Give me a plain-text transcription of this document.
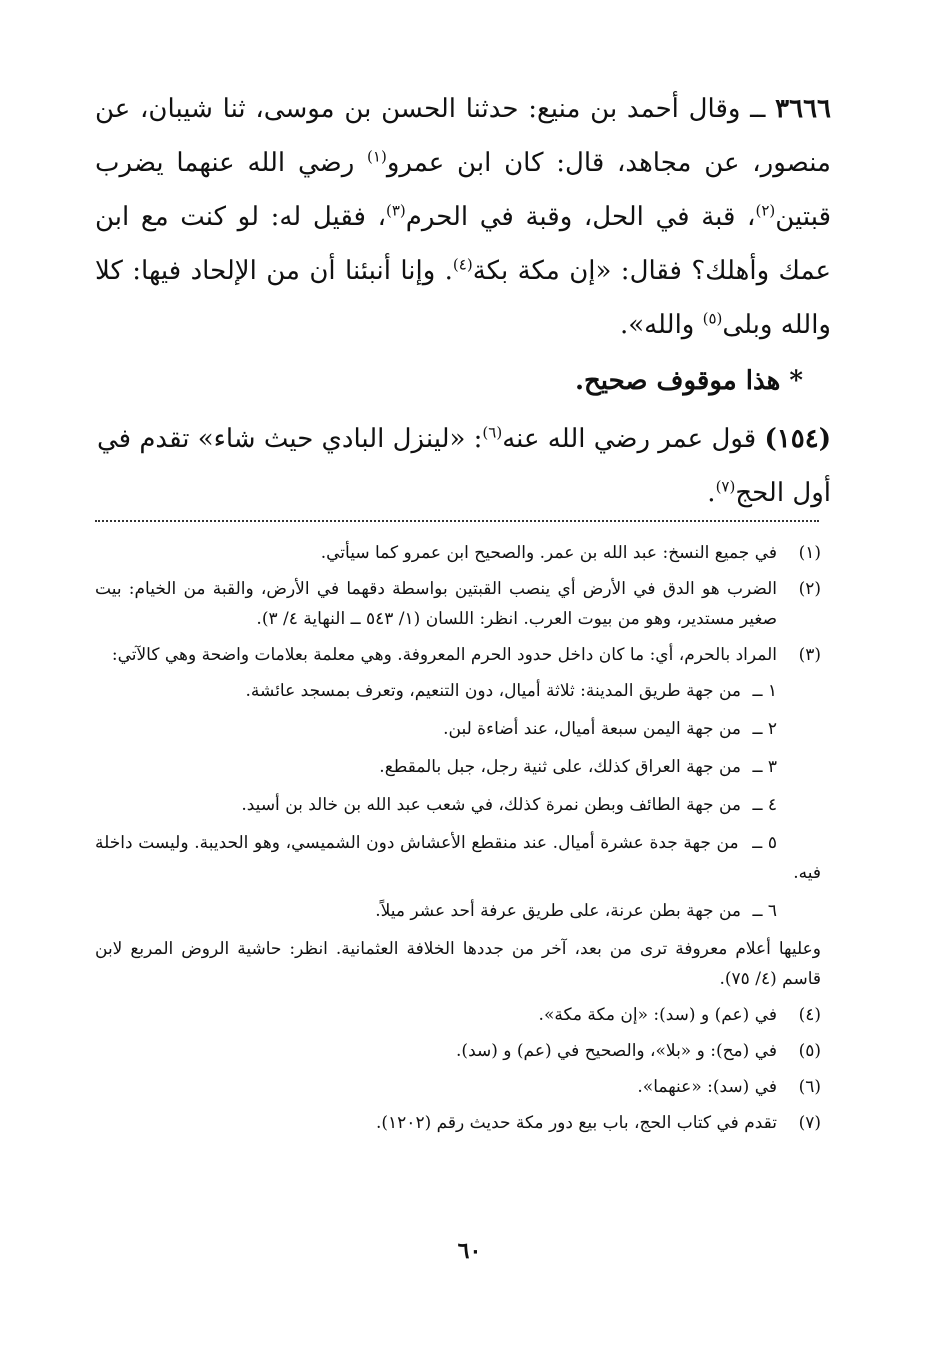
٣٦٦٦ ــ وقال أحمد بن منيع: حدثنا الحسن بن موسى، ثنا شيبان، عن منصور، عن مجاهد، قال: كان ابن عمرو$^{(١)}$ رضي الله عنهما يضرب قبتين$^{(٢)}$، قبة في الحل، وقبة في الحرم$^{(٣)}$، فقيل له: لو كنت مع ابن عمك وأهلك؟ فقال: «إن مكة بكة$^{(٤)}$. وإنا أنبئنا أن من الإلحاد فيها: كلا والله وبلى$^{(٥)}$ والله».

* هذا موقوف صحيح.

(١٥٤) قول عمر رضي الله عنه$^{(٦)}$: «لينزل البادي حيث شاء» تقدم في أول الحج$^{(٧)}$.

(١)
في جميع النسخ: عبد الله بن عمر. والصحيح ابن عمرو كما سيأتي.

(٢)
الضرب هو الدق في الأرض أي ينصب القبتين بواسطة دقهما في الأرض، والقبة من الخيام: بيت صغير مستدير، وهو من بيوت العرب. انظر: اللسان (١/ ٥٤٣ ــ النهاية ٤/ ٣).

(٣)
المراد بالحرم، أي: ما كان داخل حدود الحرم المعروفة. وهي معلمة بعلامات واضحة وهي كالآتي:

١ ــ
من جهة طريق المدينة: ثلاثة أميال، دون التنعيم، وتعرف بمسجد عائشة.
٢ ــ
من جهة اليمن سبعة أميال، عند أضاءة لبن.
٣ ــ
من جهة العراق كذلك، على ثنية رجل، جبل بالمقطع.
٤ ــ
من جهة الطائف وبطن نمرة كذلك، في شعب عبد الله بن خالد بن أسيد.
٥ ــ من جهة جدة عشرة أميال. عند منقطع الأعشاش دون الشميسي، وهو الحديبة. وليست داخلة فيه.
٦ ــ
من جهة بطن عرنة، على طريق عرفة أحد عشر ميلاً.

وعليها أعلام معروفة ترى من بعد، آخر من جددها الخلافة العثمانية. انظر: حاشية الروض المربع لابن قاسم (٤/ ٧٥).

(٤)
في (عم) و (سد): «إن مكة مكة».

(٥)
في (مح): و «بلا»، والصحيح في (عم) و (سد).

(٦)
في (سد): «عنهما».

(٧)
تقدم في كتاب الحج، باب بيع دور مكة حديث رقم (١٢٠٢).

٦٠
